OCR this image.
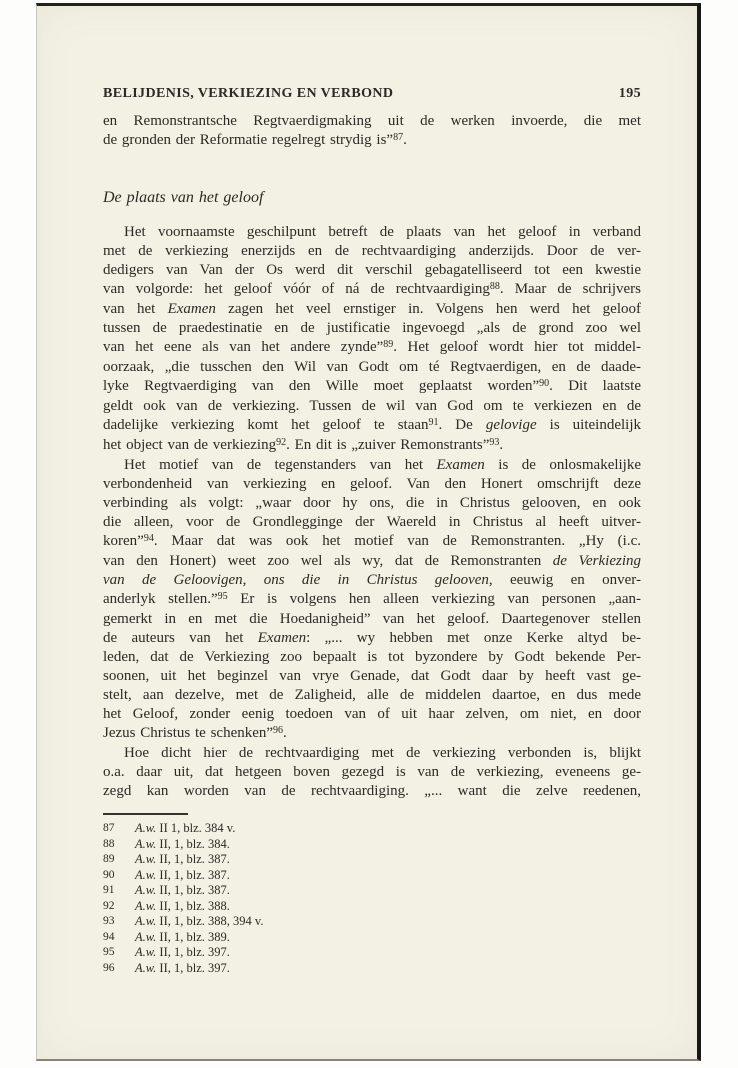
BELIJDENIS, VERKIEZING EN VERBOND	195
en Remonstrantsche Regtvaerdigmaking uit de werken invoerde, die met
de gronden der Reformatie regelregt strydig is”$^{87}$.
De plaats van het geloof
Het voornaamste geschilpunt betreft de plaats van het geloof in verband
met de verkiezing enerzijds en de rechtvaardiging anderzijds. Door de ver-
dedigers van Van der Os werd dit verschil gebagatelliseerd tot een kwestie
van volgorde: het geloof vóór of ná de rechtvaardiging$^{88}$. Maar de schrijvers
van het Examen zagen het veel ernstiger in. Volgens hen werd het geloof
tussen de praedestinatie en de justificatie ingevoegd „als de grond zoo wel
van het eene als van het andere zynde”$^{89}$. Het geloof wordt hier tot middel-
oorzaak, „die tusschen den Wil van Godt om té Regtvaerdigen, en de daade-
lyke Regtvaerdiging van den Wille moet geplaatst worden”$^{90}$. Dit laatste
geldt ook van de verkiezing. Tussen de wil van God om te verkiezen en de
dadelijke verkiezing komt het geloof te staan$^{91}$. De gelovige is uiteindelijk
het object van de verkiezing$^{92}$. En dit is „zuiver Remonstrants”$^{93}$.
Het motief van de tegenstanders van het Examen is de onlosmakelijke
verbondenheid van verkiezing en geloof. Van den Honert omschrijft deze
verbinding als volgt: „waar door hy ons, die in Christus gelooven, en ook
die alleen, voor de Grondlegginge der Waereld in Christus al heeft uitver-
koren”$^{94}$. Maar dat was ook het motief van de Remonstranten. „Hy (i.c.
van den Honert) weet zoo wel als wy, dat de Remonstranten de Verkiezing
van de Geloovigen, ons die in Christus gelooven, eeuwig en onver-
anderlyk stellen.”$^{95}$ Er is volgens hen alleen verkiezing van personen „aan-
gemerkt in en met die Hoedanigheid” van het geloof. Daartegenover stellen
de auteurs van het Examen: „... wy hebben met onze Kerke altyd be-
leden, dat de Verkiezing zoo bepaalt is tot byzondere by Godt bekende Per-
soonen, uit het beginzel van vrye Genade, dat Godt daar by heeft vast ge-
stelt, aan dezelve, met de Zaligheid, alle de middelen daartoe, en dus mede
het Geloof, zonder eenig toedoen van of uit haar zelven, om niet, en door
Jezus Christus te schenken”$^{96}$.
Hoe dicht hier de rechtvaardiging met de verkiezing verbonden is, blijkt
o.a. daar uit, dat hetgeen boven gezegd is van de verkiezing, eveneens ge-
zegd kan worden van de rechtvaardiging. „... want die zelve reedenen,
87	A.w. II 1, blz. 384 v.
88	A.w. II, 1, blz. 384.
89	A.w. II, 1, blz. 387.
90	A.w. II, 1, blz. 387.
91	A.w. II, 1, blz. 387.
92	A.w. II, 1, blz. 388.
93	A.w. II, 1, blz. 388, 394 v.
94	A.w. II, 1, blz. 389.
95	A.w. II, 1, blz. 397.
96	A.w. II, 1, blz. 397.
